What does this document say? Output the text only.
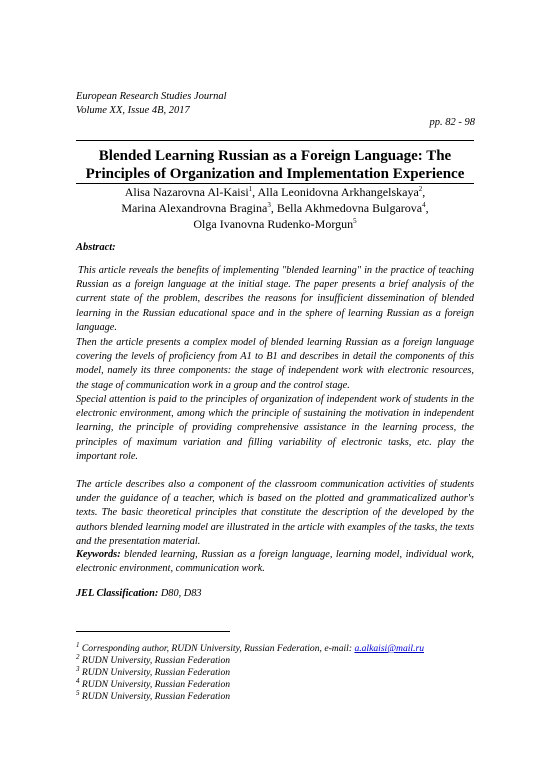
European Research Studies Journal
Volume XX, Issue 4B, 2017
pp. 82 - 98
Blended Learning Russian as a Foreign Language: The
Principles of Organization and Implementation Experience
Alisa Nazarovna Al-Kaisi$^1$, Alla Leonidovna Arkhangelskaya$^2$,
Marina Alexandrovna Bragina$^3$, Bella Akhmedovna Bulgarova$^4$,
Olga Ivanovna Rudenko-Morgun$^5$
Abstract:
This article reveals the benefits of implementing "blended learning" in the practice of teaching Russian as a foreign language at the initial stage. The paper presents a brief analysis of the current state of the problem, describes the reasons for insufficient dissemination of blended learning in the Russian educational space and in the sphere of learning Russian as a foreign language.
Then the article presents a complex model of blended learning Russian as a foreign language covering the levels of proficiency from A1 to B1 and describes in detail the components of this model, namely its three components: the stage of independent work with electronic resources, the stage of communication work in a group and the control stage.
Special attention is paid to the principles of organization of independent work of students in the electronic environment, among which the principle of sustaining the motivation in independent learning, the principle of providing comprehensive assistance in the learning process, the principles of maximum variation and filling variability of electronic tasks, etc. play the important role.
The article describes also a component of the classroom communication activities of students under the guidance of a teacher, which is based on the plotted and grammaticalized author's texts. The basic theoretical principles that constitute the description of the developed by the authors blended learning model are illustrated in the article with examples of the tasks, the texts and the presentation material.
Keywords: blended learning, Russian as a foreign language, learning model, individual work, electronic environment, communication work.
JEL Classification: D80, D83
$^1$ Corresponding author, RUDN University, Russian Federation, e-mail: a.alkaisi@mail.ru
$^2$ RUDN University, Russian Federation
$^3$ RUDN University, Russian Federation
$^4$ RUDN University, Russian Federation
$^5$ RUDN University, Russian Federation
